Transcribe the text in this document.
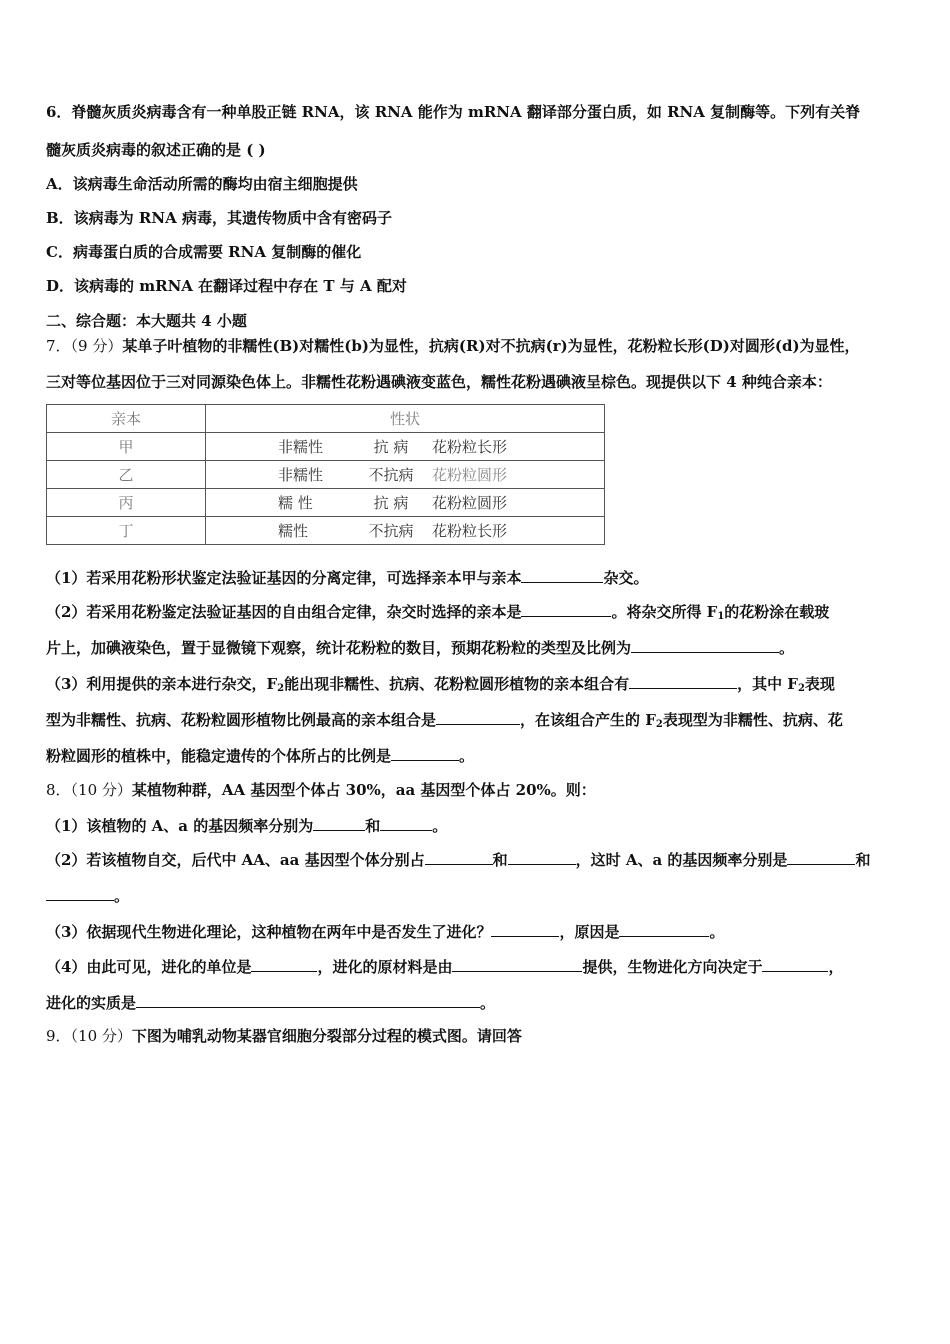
6．脊髓灰质炎病毒含有一种单股正链 RNA，该 RNA 能作为 mRNA 翻译部分蛋白质，如 RNA 复制酶等。下列有关脊
髓灰质炎病毒的叙述正确的是 ( )
A．该病毒生命活动所需的酶均由宿主细胞提供
B．该病毒为 RNA 病毒，其遗传物质中含有密码子
C．病毒蛋白质的合成需要 RNA 复制酶的催化
D．该病毒的 mRNA 在翻译过程中存在 T 与 A 配对
二、综合题：本大题共 4 小题
7．（9 分）某单子叶植物的非糯性(B)对糯性(b)为显性，抗病(R)对不抗病(r)为显性，花粉粒长形(D)对圆形(d)为显性，
三对等位基因位于三对同源染色体上。非糯性花粉遇碘液变蓝色，糯性花粉遇碘液呈棕色。现提供以下 4 种纯合亲本：
亲本	性状
甲	非糯性 抗 病 花粉粒长形
乙	非糯性 不抗病 花粉粒圆形
丙	糯 性 抗 病 花粉粒圆形
丁	糯性 不抗病 花粉粒长形
（1）若采用花粉形状鉴定法验证基因的分离定律，可选择亲本甲与亲本	杂交。
（2）若采用花粉鉴定法验证基因的自由组合定律，杂交时选择的亲本是	。将杂交所得 $F_1$的花粉涂在载玻
片上，加碘液染色，置于显微镜下观察，统计花粉粒的数目，预期花粉粒的类型及比例为	。
（3）利用提供的亲本进行杂交，$F_2$能出现非糯性、抗病、花粉粒圆形植物的亲本组合有	，其中 $F_2$表现
型为非糯性、抗病、花粉粒圆形植物比例最高的亲本组合是	，在该组合产生的 $F_2$表现型为非糯性、抗病、花
粉粒圆形的植株中，能稳定遗传的个体所占的比例是	。
8．（10 分）某植物种群，AA 基因型个体占 30%，aa 基因型个体占 20%。则：
（1）该植物的 A、a 的基因频率分别为	和	。
（2）若该植物自交，后代中 AA、aa 基因型个体分别占	和	，这时 A、a 的基因频率分别是	和
。
（3）依据现代生物进化理论，这种植物在两年中是否发生了进化？	，原因是	。
（4）由此可见，进化的单位是	，进化的原材料是由	提供，生物进化方向决定于	，
进化的实质是	。
9．（10 分）下图为哺乳动物某器官细胞分裂部分过程的模式图。请回答
